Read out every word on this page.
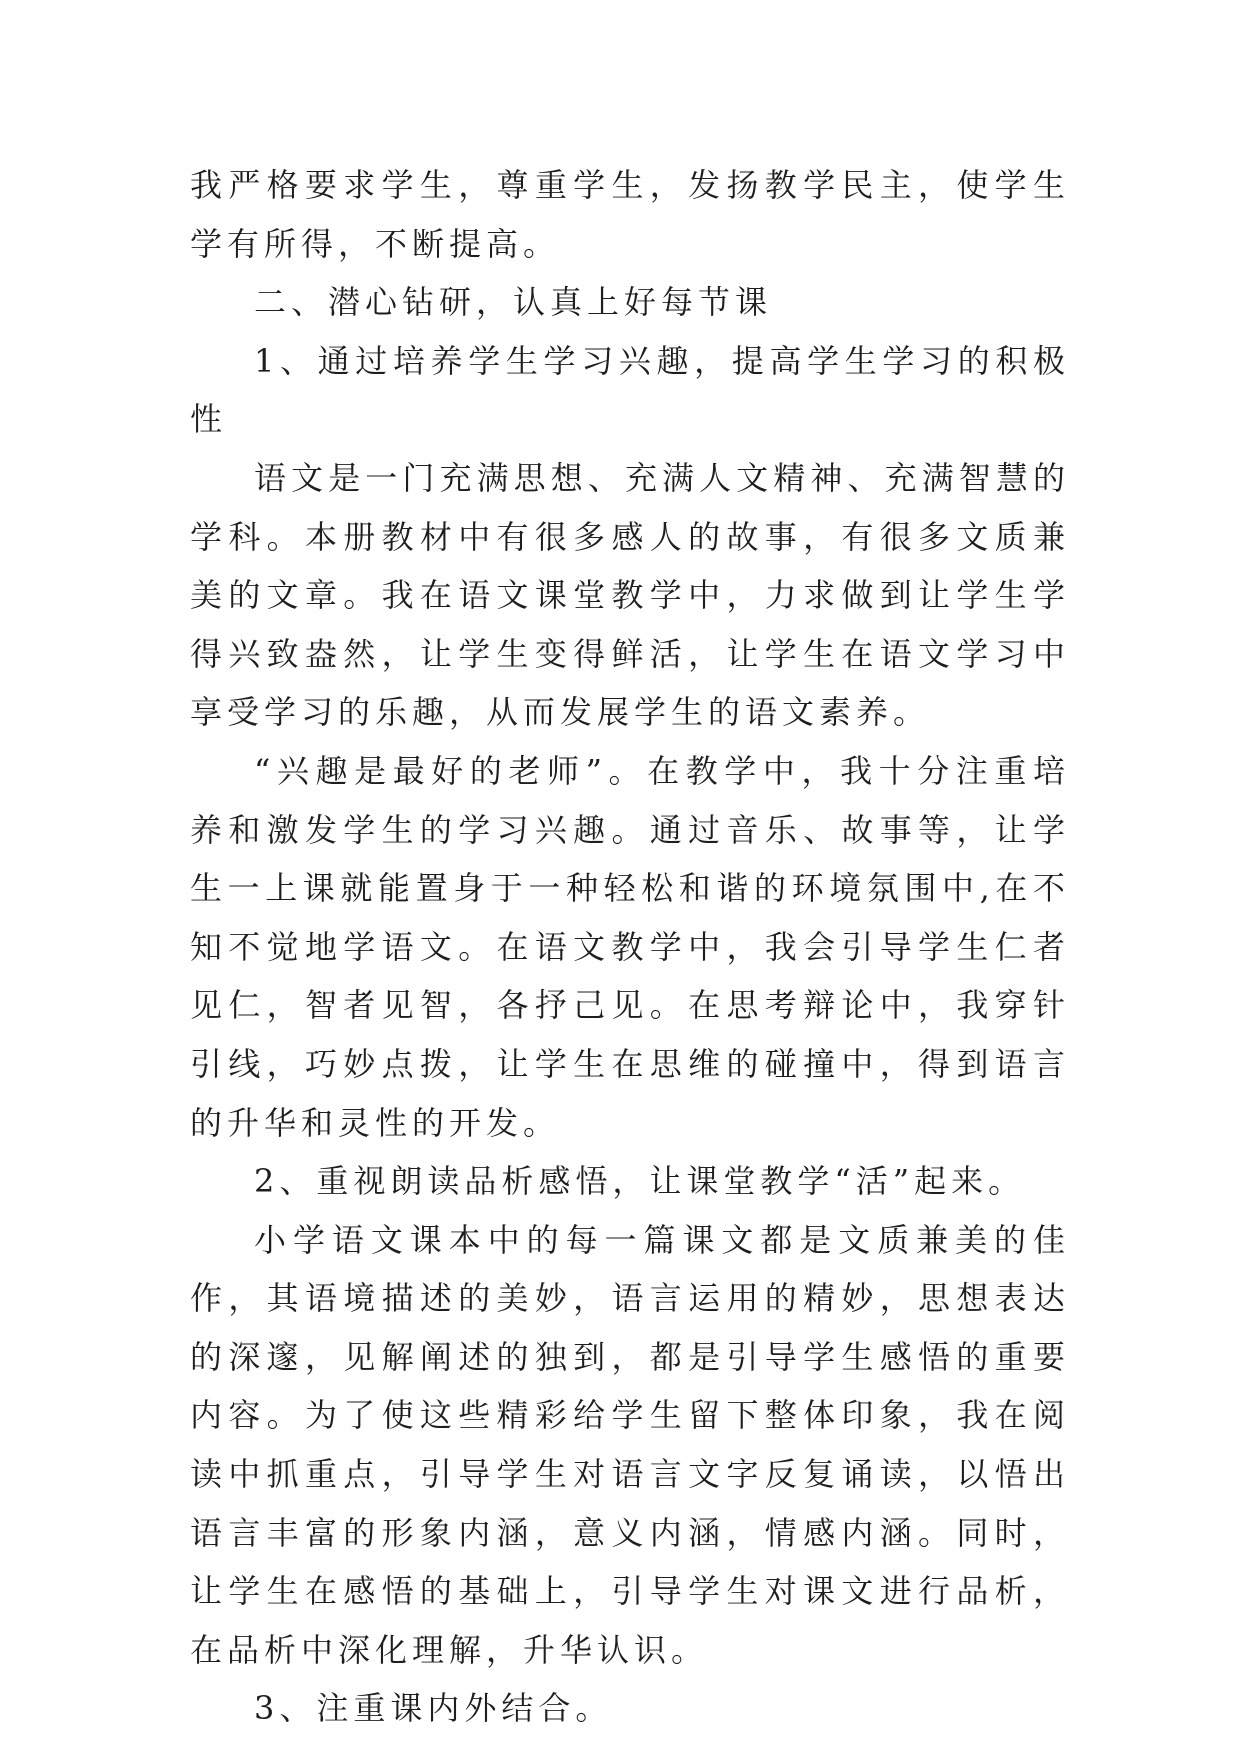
我严格要求学生，尊重学生，发扬教学民主，使学生学有所得，不断提高。

二、潜心钻研，认真上好每节课

1、通过培养学生学习兴趣，提高学生学习的积极性

语文是一门充满思想、充满人文精神、充满智慧的学科。本册教材中有很多感人的故事，有很多文质兼美的文章。我在语文课堂教学中，力求做到让学生学得兴致盎然，让学生变得鲜活，让学生在语文学习中享受学习的乐趣，从而发展学生的语文素养。

“兴趣是最好的老师”。在教学中，我十分注重培养和激发学生的学习兴趣。通过音乐、故事等，让学生一上课就能置身于一种轻松和谐的环境氛围中,在不知不觉地学语文。在语文教学中，我会引导学生仁者见仁，智者见智，各抒己见。在思考辩论中，我穿针引线，巧妙点拨，让学生在思维的碰撞中，得到语言的升华和灵性的开发。

2、重视朗读品析感悟，让课堂教学“活”起来。

小学语文课本中的每一篇课文都是文质兼美的佳作，其语境描述的美妙，语言运用的精妙，思想表达的深邃，见解阐述的独到，都是引导学生感悟的重要内容。为了使这些精彩给学生留下整体印象，我在阅读中抓重点，引导学生对语言文字反复诵读，以悟出语言丰富的形象内涵，意义内涵，情感内涵。同时，让学生在感悟的基础上，引导学生对课文进行品析，在品析中深化理解，升华认识。

3、注重课内外结合。
